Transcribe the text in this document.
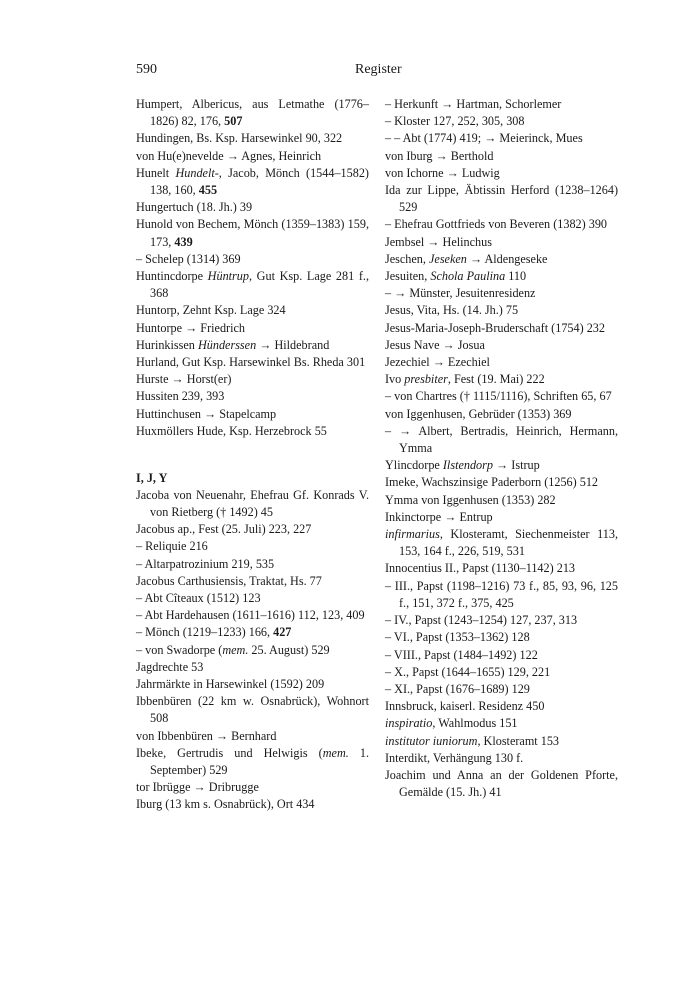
590	Register

Humpert, Albericus, aus Letmathe (1776–1826) 82, 176, 507

Hundingen, Bs. Ksp. Harsewinkel 90, 322

von Hu(e)nevelde → Agnes, Heinrich

Hunelt Hundelt-, Jacob, Mönch (1544–1582) 138, 160, 455

Hungertuch (18. Jh.) 39

Hunold von Bechem, Mönch (1359–1383) 159, 173, 439

– Schelep (1314) 369

Huntincdorpe Hüntrup, Gut Ksp. Lage 281 f., 368

Huntorp, Zehnt Ksp. Lage 324

Huntorpe → Friedrich

Hurinkissen Hünderssen → Hildebrand

Hurland, Gut Ksp. Harsewinkel Bs. Rheda 301

Hurste → Horst(er)

Hussiten 239, 393

Huttinchusen → Stapelcamp

Huxmöllers Hude, Ksp. Herzebrock 55

I, J, Y

Jacoba von Neuenahr, Ehefrau Gf. Konrads V. von Rietberg († 1492) 45

Jacobus ap., Fest (25. Juli) 223, 227

– Reliquie 216

– Altarpatrozinium 219, 535

Jacobus Carthusiensis, Traktat, Hs. 77

– Abt Cîteaux (1512) 123

– Abt Hardehausen (1611–1616) 112, 123, 409

– Mönch (1219–1233) 166, 427

– von Swadorpe (mem. 25. August) 529

Jagdrechte 53

Jahrmärkte in Harsewinkel (1592) 209

Ibbenbüren (22 km w. Osnabrück), Wohnort 508

von Ibbenbüren → Bernhard

Ibeke, Gertrudis und Helwigis (mem. 1. September) 529

tor Ibrügge → Dribrugge

Iburg (13 km s. Osnabrück), Ort 434

– Herkunft → Hartman, Schorlemer

– Kloster 127, 252, 305, 308

– – Abt (1774) 419; → Meierinck, Mues

von Iburg → Berthold

von Ichorne → Ludwig

Ida zur Lippe, Äbtissin Herford (1238–1264) 529

– Ehefrau Gottfrieds von Beveren (1382) 390

Jembsel → Helinchus

Jeschen, Jeseken → Aldengeseke

Jesuiten, Schola Paulina 110

– → Münster, Jesuitenresidenz

Jesus, Vita, Hs. (14. Jh.) 75

Jesus-Maria-Joseph-Bruderschaft (1754) 232

Jesus Nave → Josua

Jezechiel → Ezechiel

Ivo presbiter, Fest (19. Mai) 222

– von Chartres († 1115/1116), Schriften 65, 67

von Iggenhusen, Gebrüder (1353) 369

– → Albert, Bertradis, Heinrich, Hermann, Ymma

Ylincdorpe Ilstendorp → Istrup

Imeke, Wachszinsige Paderborn (1256) 512

Ymma von Iggenhusen (1353) 282

Inkinctorpe → Entrup

infirmarius, Klosteramt, Siechenmeister 113, 153, 164 f., 226, 519, 531

Innocentius II., Papst (1130–1142) 213

– III., Papst (1198–1216) 73 f., 85, 93, 96, 125 f., 151, 372 f., 375, 425

– IV., Papst (1243–1254) 127, 237, 313

– VI., Papst (1353–1362) 128

– VIII., Papst (1484–1492) 122

– X., Papst (1644–1655) 129, 221

– XI., Papst (1676–1689) 129

Innsbruck, kaiserl. Residenz 450

inspiratio, Wahlmodus 151

institutor iuniorum, Klosteramt 153

Interdikt, Verhängung 130 f.

Joachim und Anna an der Goldenen Pforte, Gemälde (15. Jh.) 41
